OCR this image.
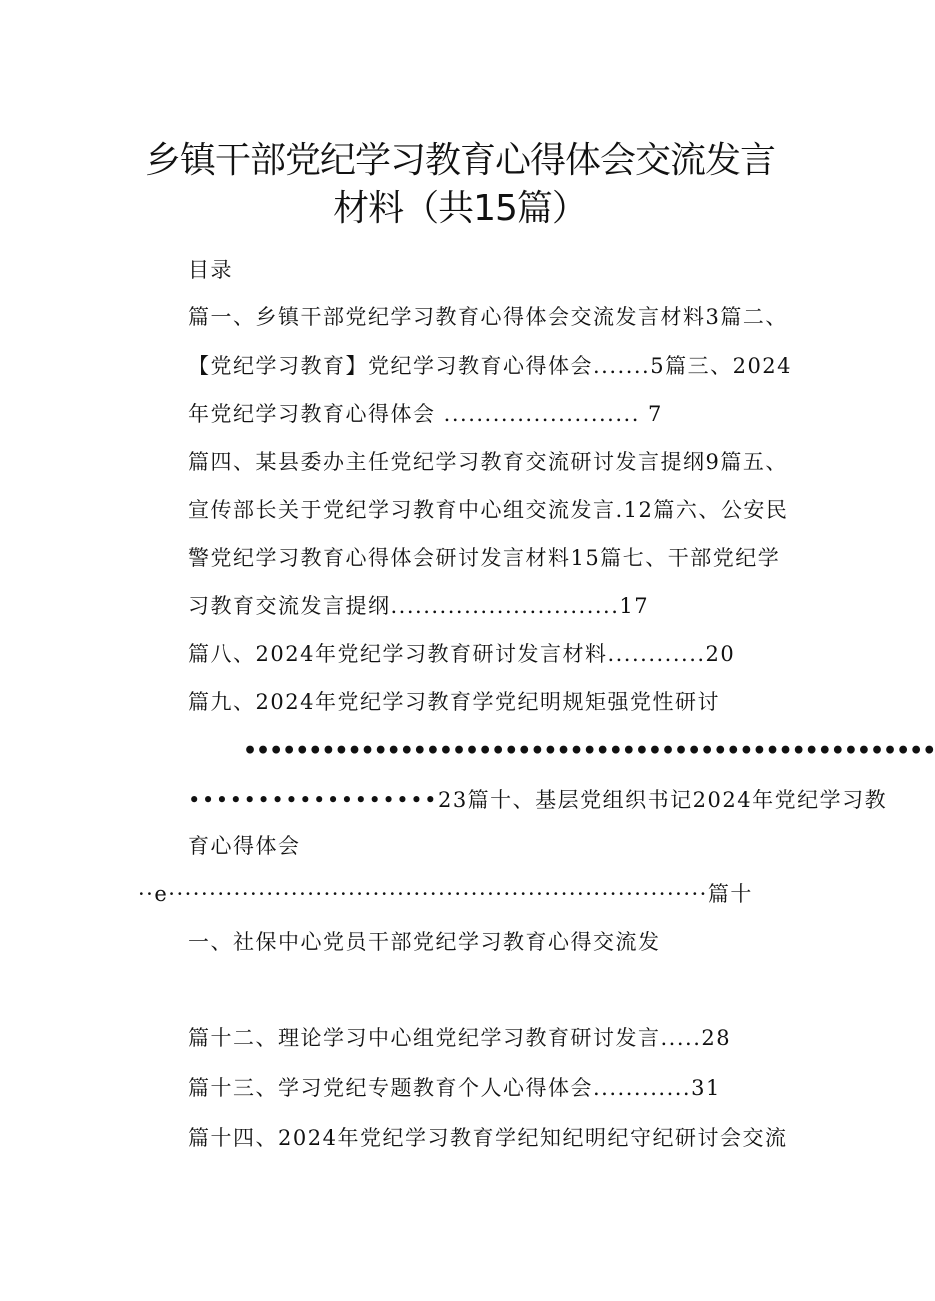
乡镇干部党纪学习教育心得体会交流发言
材料（共15篇）
目录
篇一、乡镇干部党纪学习教育心得体会交流发言材料3篇二、
【党纪学习教育】党纪学习教育心得体会.......5篇三、2024
年党纪学习教育心得体会 ........................ 7
篇四、某县委办主任党纪学习教育交流研讨发言提纲9篇五、
宣传部长关于党纪学习教育中心组交流发言.12篇六、公安民
警党纪学习教育心得体会研讨发言材料15篇七、干部党纪学
习教育交流发言提纲............................17
篇八、2024年党纪学习教育研讨发言材料............20
篇九、2024年党纪学习教育学党纪明规矩强党性研讨
•••••••••••••••••••••••••••••••••••••••••••••••••••••
••••••••••••••••••23篇十、基层党组织书记2024年党纪学习教
育心得体会
··e··································································篇十
一、社保中心党员干部党纪学习教育心得交流发
篇十二、理论学习中心组党纪学习教育研讨发言.....28
篇十三、学习党纪专题教育个人心得体会............31
篇十四、2024年党纪学习教育学纪知纪明纪守纪研讨会交流
